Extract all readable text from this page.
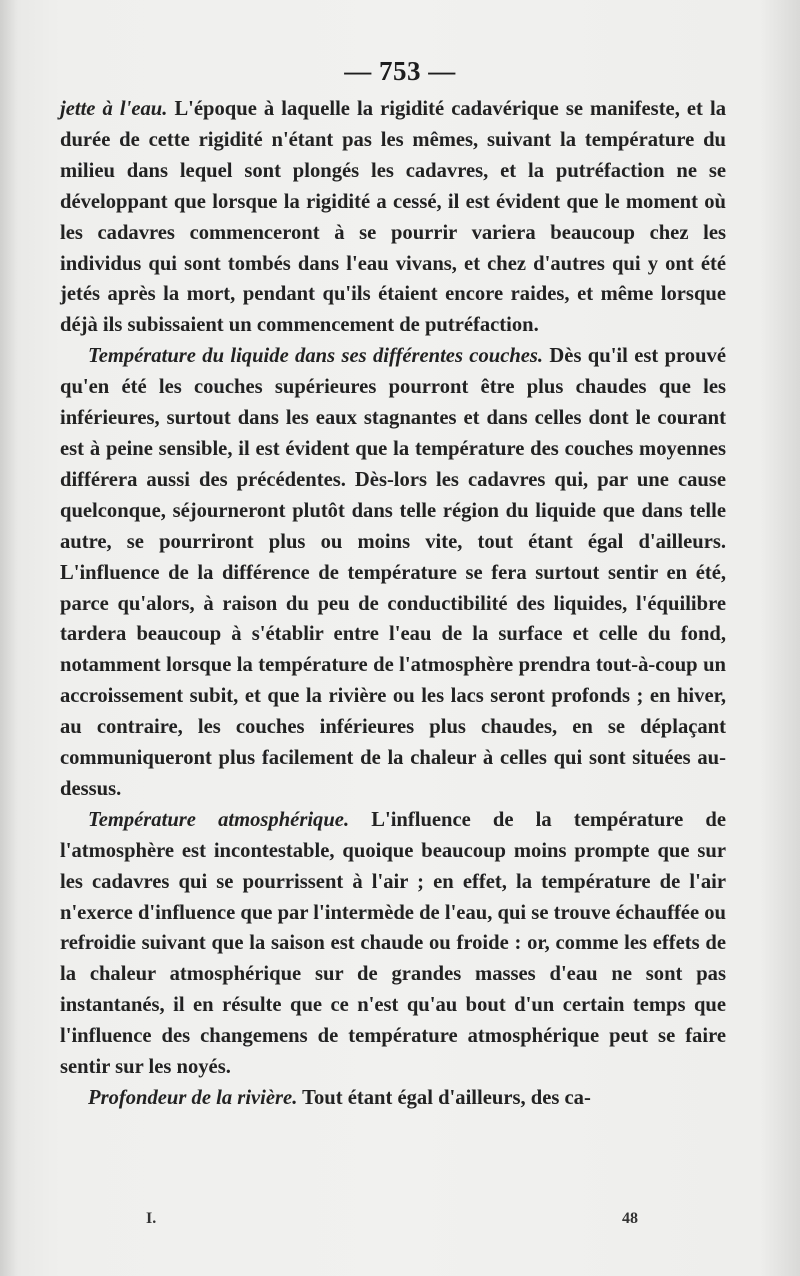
— 753 —

jette à l'eau. L'époque à laquelle la rigidité cadavérique se manifeste, et la durée de cette rigidité n'étant pas les mêmes, suivant la température du milieu dans lequel sont plongés les cadavres, et la putréfaction ne se développant que lorsque la rigidité a cessé, il est évident que le moment où les cadavres commenceront à se pourrir variera beaucoup chez les individus qui sont tombés dans l'eau vivans, et chez d'autres qui y ont été jetés après la mort, pendant qu'ils étaient encore raides, et même lorsque déjà ils subissaient un commencement de putréfaction.

Température du liquide dans ses différentes couches. Dès qu'il est prouvé qu'en été les couches supérieures pourront être plus chaudes que les inférieures, surtout dans les eaux stagnantes et dans celles dont le courant est à peine sensible, il est évident que la température des couches moyennes différera aussi des précédentes. Dès-lors les cadavres qui, par une cause quelconque, séjourneront plutôt dans telle région du liquide que dans telle autre, se pourriront plus ou moins vite, tout étant égal d'ailleurs. L'influence de la différence de température se fera surtout sentir en été, parce qu'alors, à raison du peu de conductibilité des liquides, l'équilibre tardera beaucoup à s'établir entre l'eau de la surface et celle du fond, notamment lorsque la température de l'atmosphère prendra tout-à-coup un accroissement subit, et que la rivière ou les lacs seront profonds ; en hiver, au contraire, les couches inférieures plus chaudes, en se déplaçant communiqueront plus facilement de la chaleur à celles qui sont situées au-dessus.

Température atmosphérique. L'influence de la température de l'atmosphère est incontestable, quoique beaucoup moins prompte que sur les cadavres qui se pourrissent à l'air ; en effet, la température de l'air n'exerce d'influence que par l'intermède de l'eau, qui se trouve échauffée ou refroidie suivant que la saison est chaude ou froide : or, comme les effets de la chaleur atmosphérique sur de grandes masses d'eau ne sont pas instantanés, il en résulte que ce n'est qu'au bout d'un certain temps que l'influence des changemens de température atmosphérique peut se faire sentir sur les noyés.

Profondeur de la rivière. Tout étant égal d'ailleurs, des ca-

I.	48
